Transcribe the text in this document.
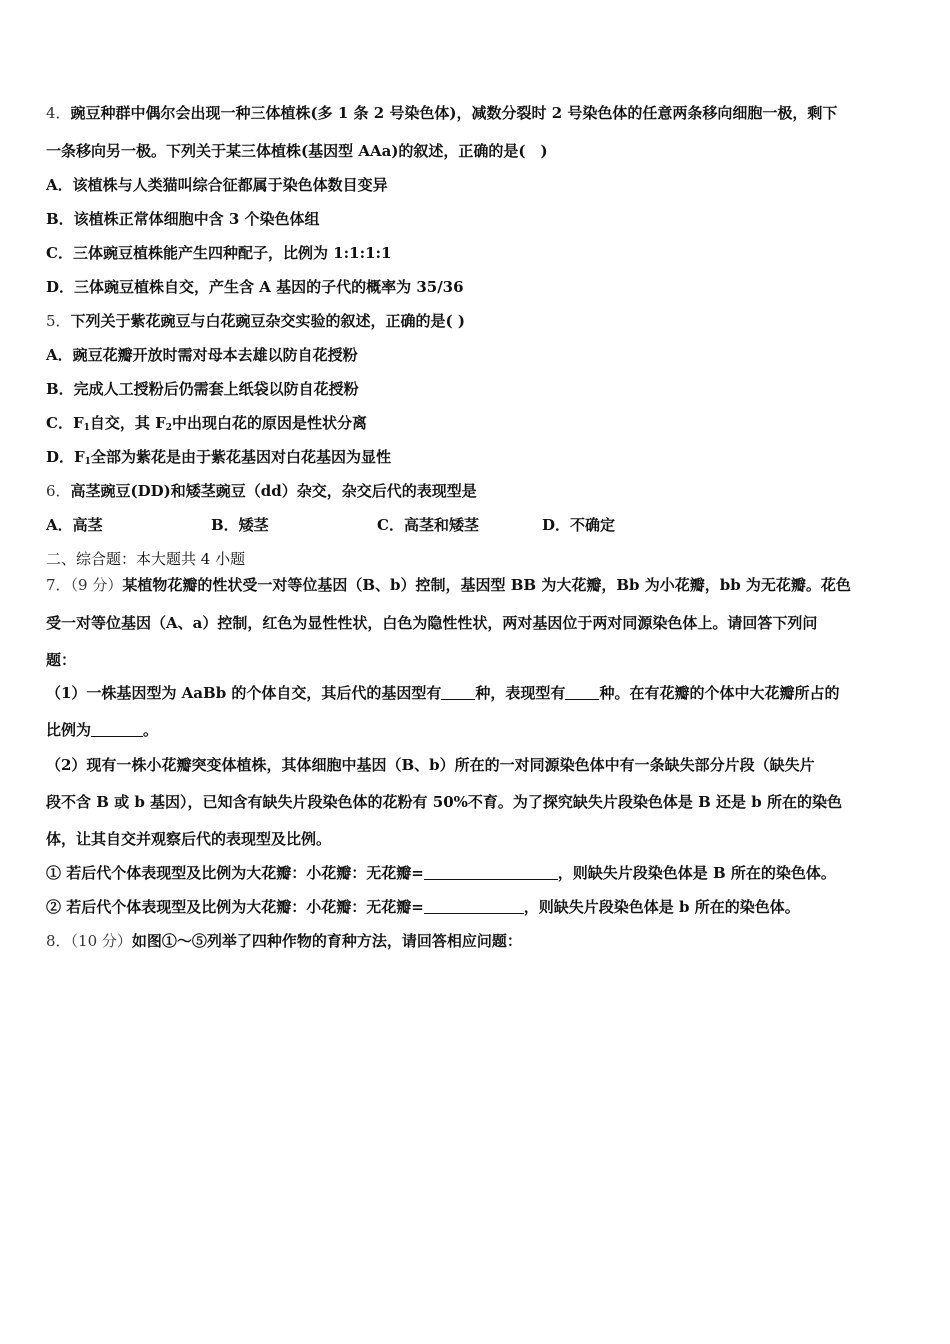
4．豌豆种群中偶尔会出现一种三体植株(多 1 条 2 号染色体)，减数分裂时 2 号染色体的任意两条移向细胞一极，剩下
一条移向另一极。下列关于某三体植株(基因型 AAa)的叙述，正确的是(　)
A．该植株与人类猫叫综合征都属于染色体数目变异
B．该植株正常体细胞中含 3 个染色体组
C．三体豌豆植株能产生四种配子，比例为 1:1:1:1
D．三体豌豆植株自交，产生含 A 基因的子代的概率为 35/36
5．下列关于紫花豌豆与白花豌豆杂交实验的叙述，正确的是( )
A．豌豆花瓣开放时需对母本去雄以防自花授粉
B．完成人工授粉后仍需套上纸袋以防自花授粉
C．$F_1$自交，其 $F_2$中出现白花的原因是性状分离
D．$F_1$全部为紫花是由于紫花基因对白花基因为显性
6．高茎豌豆(DD)和矮茎豌豆（dd）杂交，杂交后代的表现型是
A．高茎	B．矮茎	C．高茎和矮茎	D．不确定
二、综合题：本大题共 4 小题
7．（9 分）某植物花瓣的性状受一对等位基因（B、b）控制，基因型 BB 为大花瓣，Bb 为小花瓣，bb 为无花瓣。花色
受一对等位基因（A、a）控制，红色为显性性状，白色为隐性性状，两对基因位于两对同源染色体上。请回答下列问
题：
（1）一株基因型为 AaBb 的个体自交，其后代的基因型有 种，表现型有 种。在有花瓣的个体中大花瓣所占的
比例为	。
（2）现有一株小花瓣突变体植株，其体细胞中基因（B、b）所在的一对同源染色体中有一条缺失部分片段（缺失片
段不含 B 或 b 基因），已知含有缺失片段染色体的花粉有 50%不育。为了探究缺失片段染色体是 B 还是 b 所在的染色
体，让其自交并观察后代的表现型及比例。
① 若后代个体表现型及比例为大花瓣：小花瓣：无花瓣=	，则缺失片段染色体是 B 所在的染色体。
② 若后代个体表现型及比例为大花瓣：小花瓣：无花瓣=	，则缺失片段染色体是 b 所在的染色体。
8．（10 分）如图①～⑤列举了四种作物的育种方法，请回答相应问题：
